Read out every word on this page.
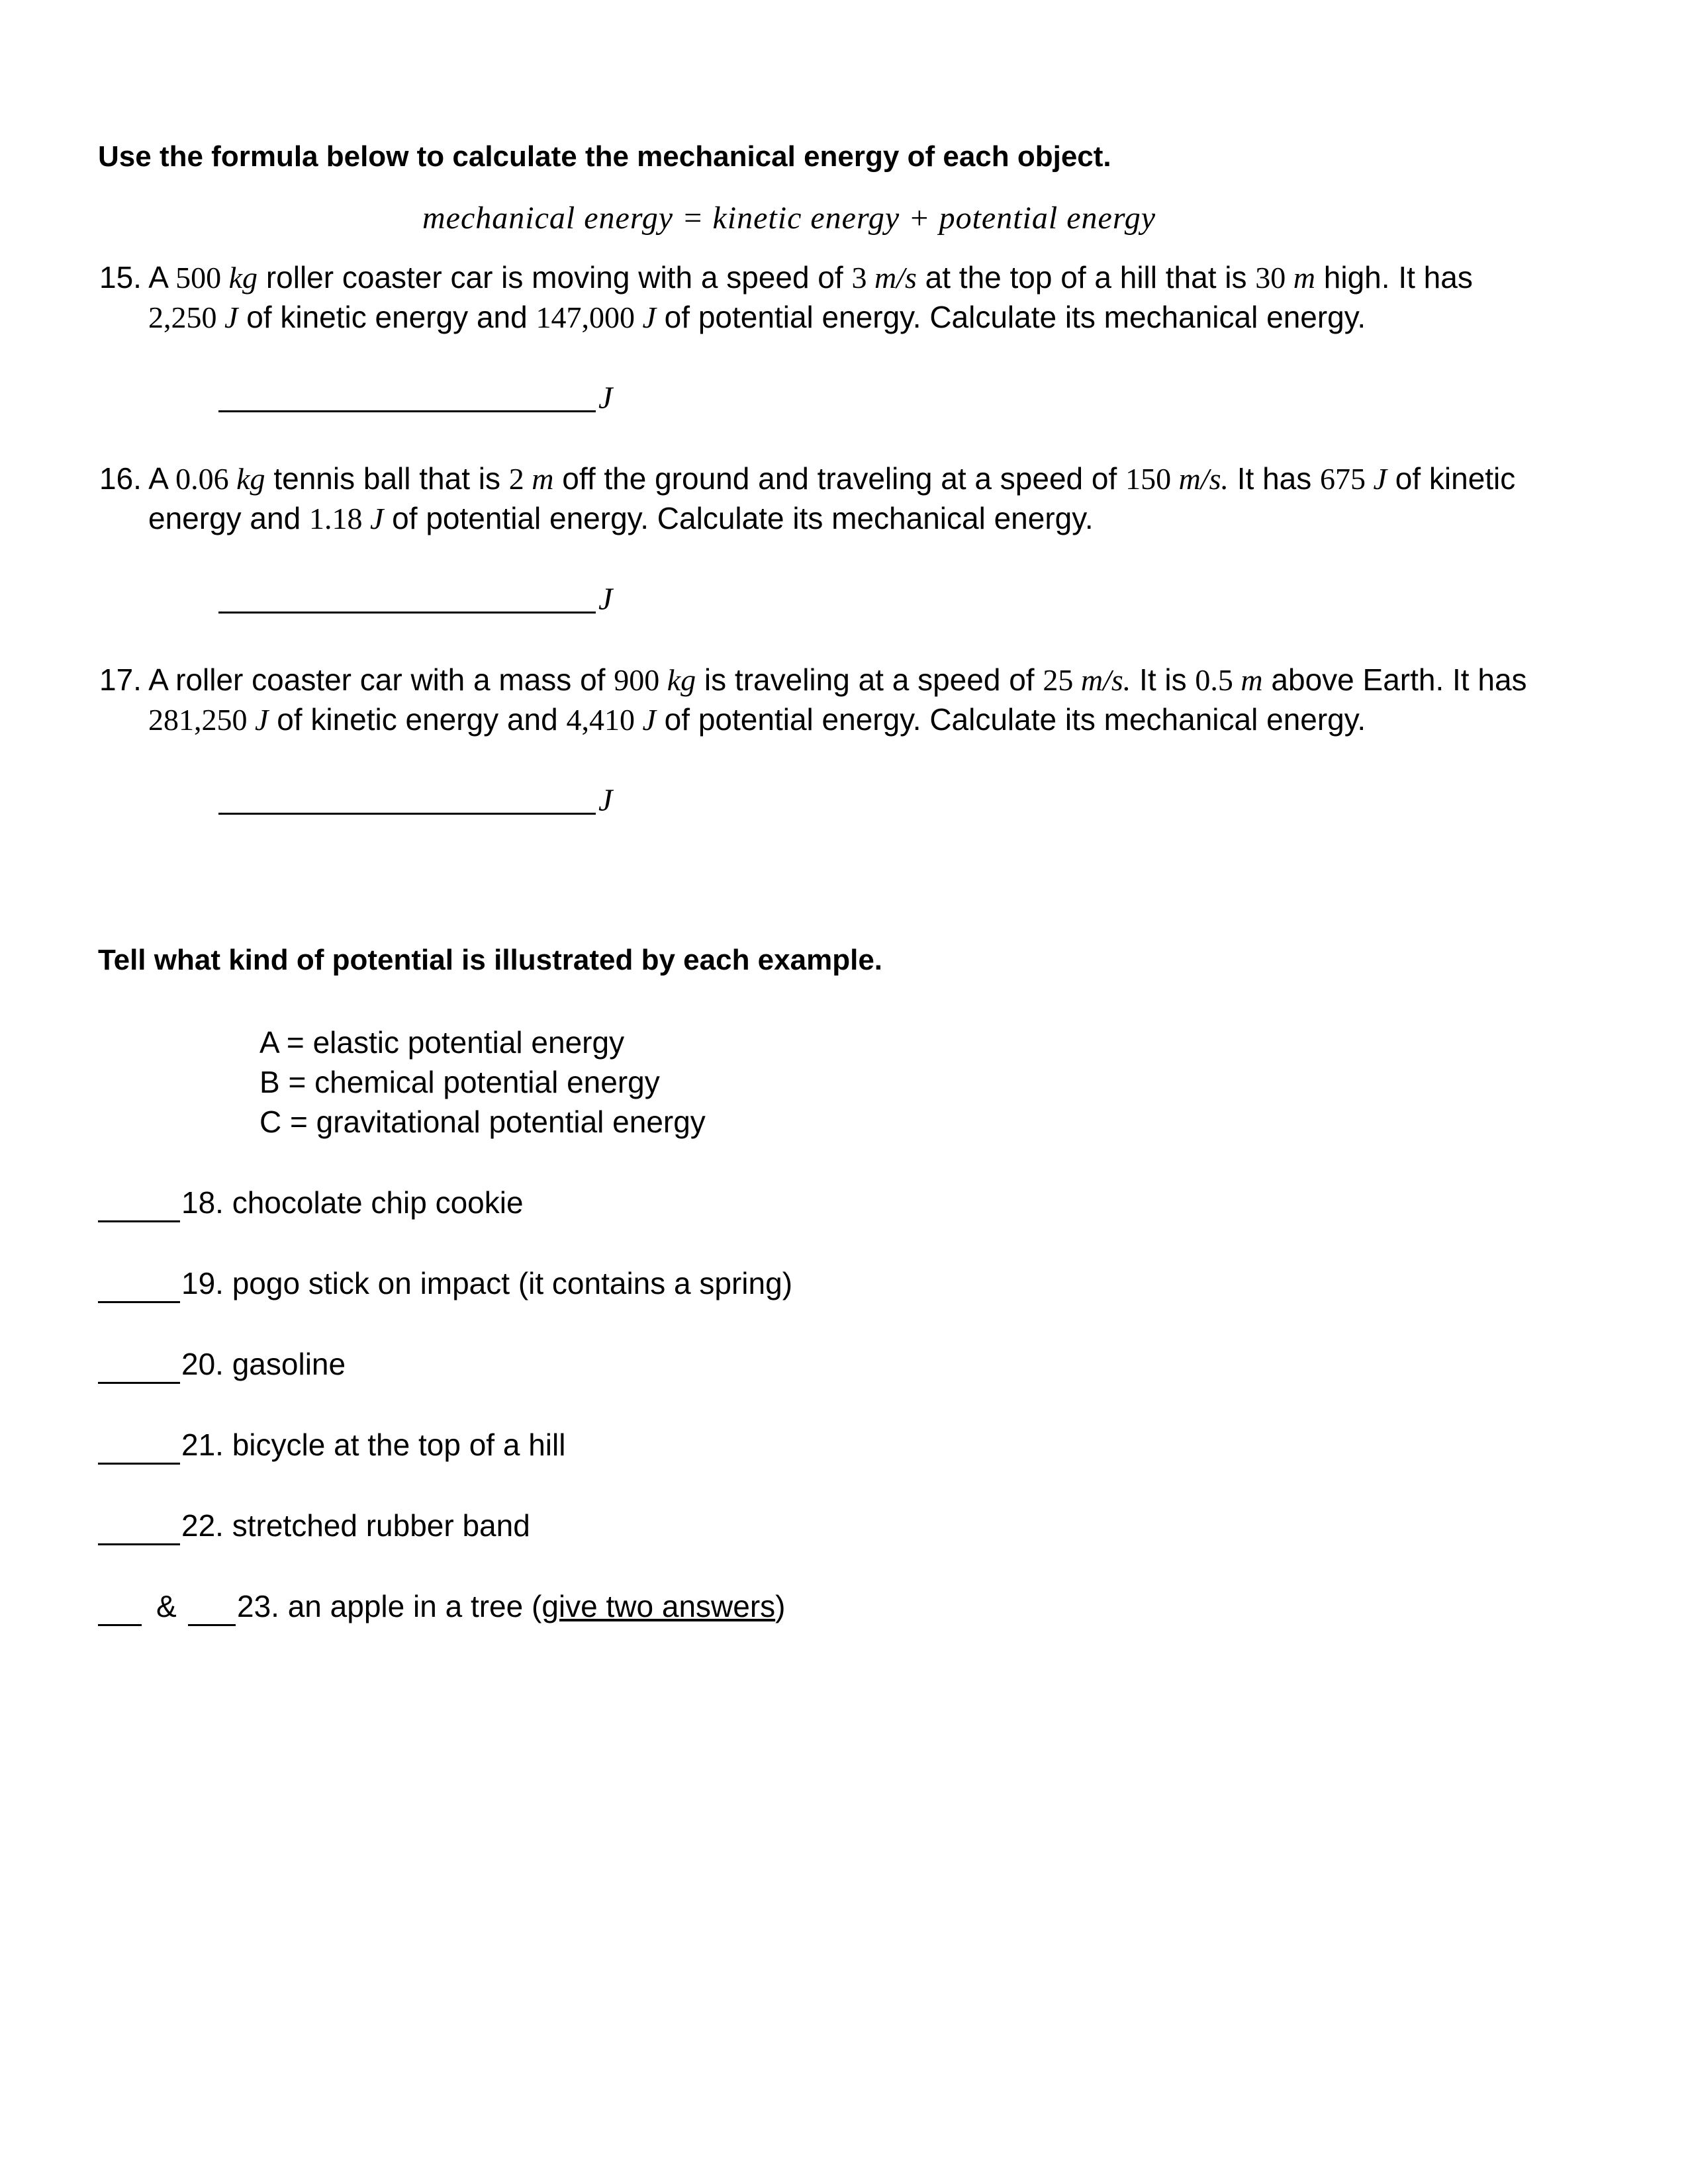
Use the formula below to calculate the mechanical energy of each object.
mechanical energy = kinetic energy + potential energy
15. A 500 kg roller coaster car is moving with a speed of 3 m/s at the top of a hill that is 30 m high. It has
2,250 J of kinetic energy and 147,000 J of potential energy. Calculate its mechanical energy.
J
16. A 0.06 kg tennis ball that is 2 m off the ground and traveling at a speed of 150 m/s. It has 675 J of kinetic
energy and 1.18 J of potential energy. Calculate its mechanical energy.
J
17. A roller coaster car with a mass of 900 kg is traveling at a speed of 25 m/s. It is 0.5 m above Earth. It has
281,250 J of kinetic energy and 4,410 J of potential energy. Calculate its mechanical energy.
J
Tell what kind of potential is illustrated by each example.
A = elastic potential energy
B = chemical potential energy
C = gravitational potential energy
18. chocolate chip cookie
19. pogo stick on impact (it contains a spring)
20. gasoline
21. bicycle at the top of a hill
22. stretched rubber band
& 23. an apple in a tree (give two answers)
